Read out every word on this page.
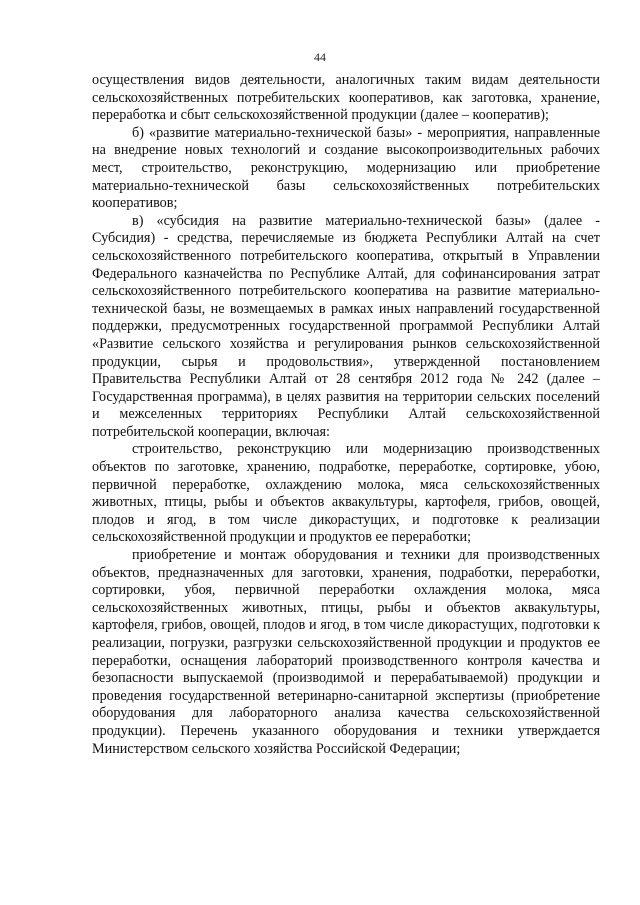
44

осуществления видов деятельности, аналогичных таким видам деятельности сельскохозяйственных потребительских кооперативов, как заготовка, хранение, переработка и сбыт сельскохозяйственной продукции (далее – кооператив);

б) «развитие материально-технической базы» - мероприятия, направленные на внедрение новых технологий и создание высокопроизводительных рабочих мест, строительство, реконструкцию, модернизацию или приобретение материально-технической базы сельскохозяйственных потребительских кооперативов;

в) «субсидия на развитие материально-технической базы» (далее - Субсидия) - средства, перечисляемые из бюджета Республики Алтай на счет сельскохозяйственного потребительского кооператива, открытый в Управлении Федерального казначейства по Республике Алтай, для софинансирования затрат сельскохозяйственного потребительского кооператива на развитие материально-технической базы, не возмещаемых в рамках иных направлений государственной поддержки, предусмотренных государственной программой Республики Алтай «Развитие сельского хозяйства и регулирования рынков сельскохозяйственной продукции, сырья и продовольствия», утвержденной постановлением Правительства Республики Алтай от 28 сентября 2012 года № 242 (далее – Государственная программа), в целях развития на территории сельских поселений и межселенных территориях Республики Алтай сельскохозяйственной потребительской кооперации, включая:

строительство, реконструкцию или модернизацию производственных объектов по заготовке, хранению, подработке, переработке, сортировке, убою, первичной переработке, охлаждению молока, мяса сельскохозяйственных животных, птицы, рыбы и объектов аквакультуры, картофеля, грибов, овощей, плодов и ягод, в том числе дикорастущих, и подготовке к реализации сельскохозяйственной продукции и продуктов ее переработки;

приобретение и монтаж оборудования и техники для производственных объектов, предназначенных для заготовки, хранения, подработки, переработки, сортировки, убоя, первичной переработки охлаждения молока, мяса сельскохозяйственных животных, птицы, рыбы и объектов аквакультуры, картофеля, грибов, овощей, плодов и ягод, в том числе дикорастущих, подготовки к реализации, погрузки, разгрузки сельскохозяйственной продукции и продуктов ее переработки, оснащения лабораторий производственного контроля качества и безопасности выпускаемой (производимой и перерабатываемой) продукции и проведения государственной ветеринарно-санитарной экспертизы (приобретение оборудования для лабораторного анализа качества сельскохозяйственной продукции). Перечень указанного оборудования и техники утверждается Министерством сельского хозяйства Российской Федерации;
